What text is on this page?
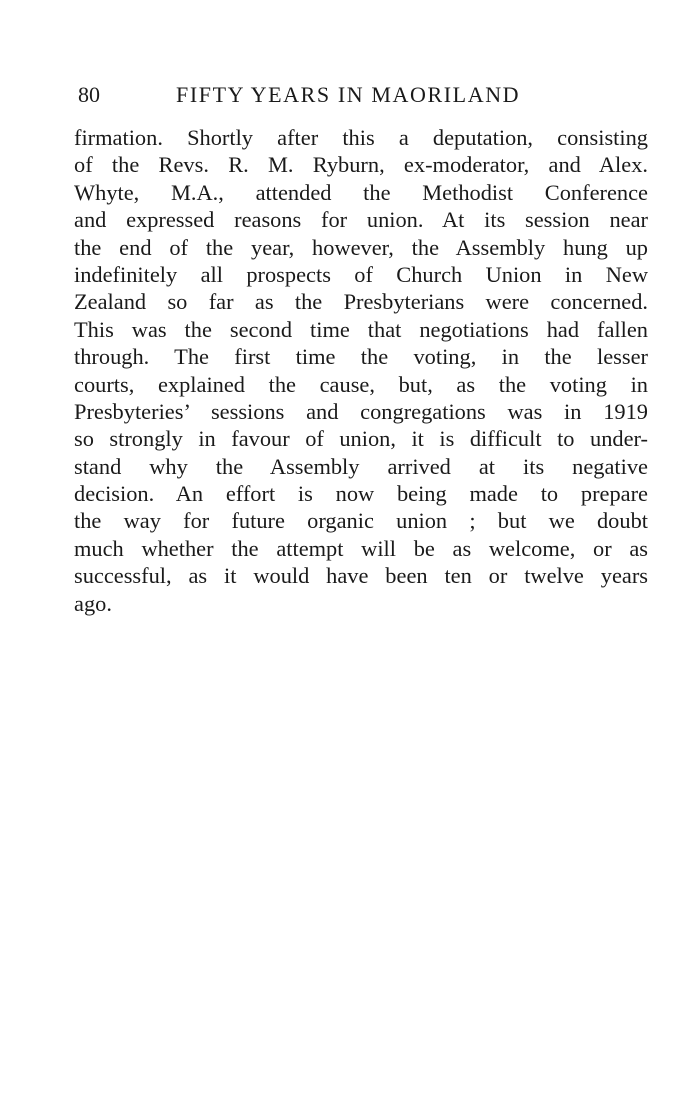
80	FIFTY YEARS IN MAORILAND
firmation. Shortly after this a deputation, consisting
of the Revs. R. M. Ryburn, ex-moderator, and Alex.
Whyte, M.A., attended the Methodist Conference
and expressed reasons for union. At its session near
the end of the year, however, the Assembly hung up
indefinitely all prospects of Church Union in New
Zealand so far as the Presbyterians were concerned.
This was the second time that negotiations had fallen
through. The first time the voting, in the lesser
courts, explained the cause, but, as the voting in
Presbyteries’ sessions and congregations was in 1919
so strongly in favour of union, it is difficult to under-
stand why the Assembly arrived at its negative
decision. An effort is now being made to prepare
the way for future organic union ; but we doubt
much whether the attempt will be as welcome, or as
successful, as it would have been ten or twelve years
ago.
